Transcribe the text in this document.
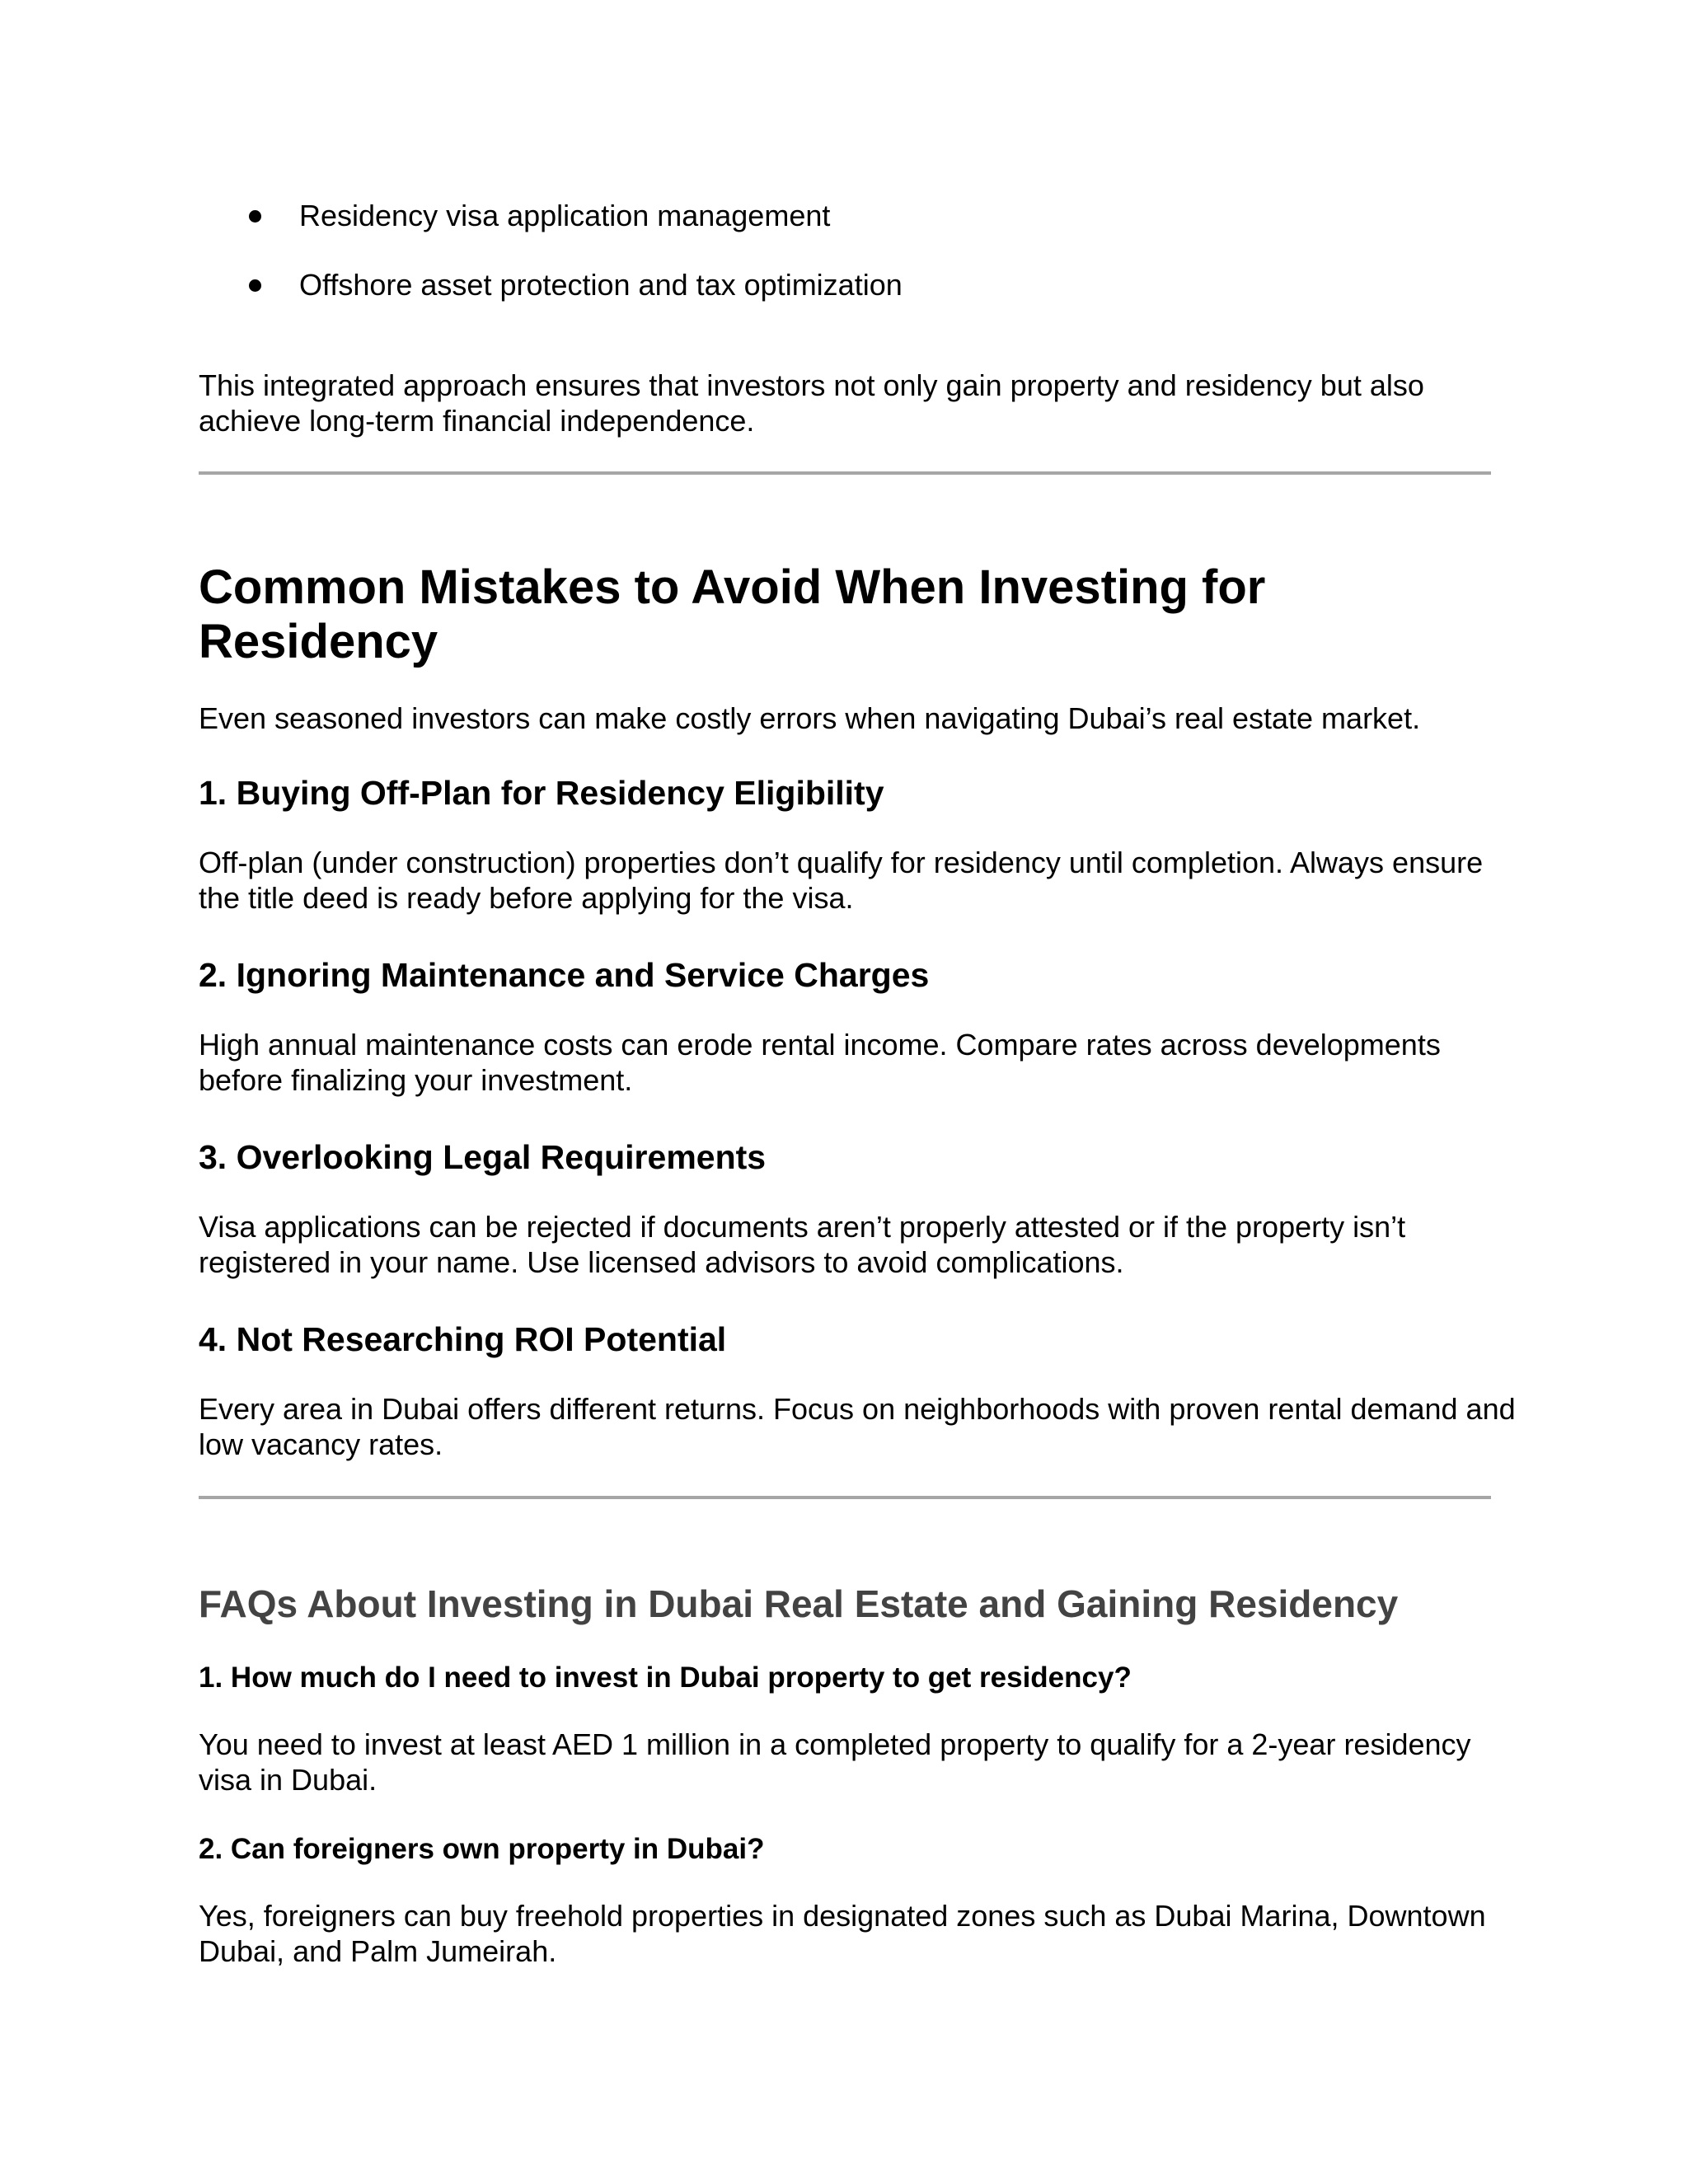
Residency visa application management
Offshore asset protection and tax optimization

This integrated approach ensures that investors not only gain property and residency but also achieve long-term financial independence.

Common Mistakes to Avoid When Investing for Residency

Even seasoned investors can make costly errors when navigating Dubai’s real estate market.

1. Buying Off-Plan for Residency Eligibility

Off-plan (under construction) properties don’t qualify for residency until completion. Always ensure the title deed is ready before applying for the visa.

2. Ignoring Maintenance and Service Charges

High annual maintenance costs can erode rental income. Compare rates across developments before finalizing your investment.

3. Overlooking Legal Requirements

Visa applications can be rejected if documents aren’t properly attested or if the property isn’t registered in your name. Use licensed advisors to avoid complications.

4. Not Researching ROI Potential

Every area in Dubai offers different returns. Focus on neighborhoods with proven rental demand and low vacancy rates.

FAQs About Investing in Dubai Real Estate and Gaining Residency
1. How much do I need to invest in Dubai property to get residency?

You need to invest at least AED 1 million in a completed property to qualify for a 2-year residency visa in Dubai.

2. Can foreigners own property in Dubai?

Yes, foreigners can buy freehold properties in designated zones such as Dubai Marina, Downtown Dubai, and Palm Jumeirah.
